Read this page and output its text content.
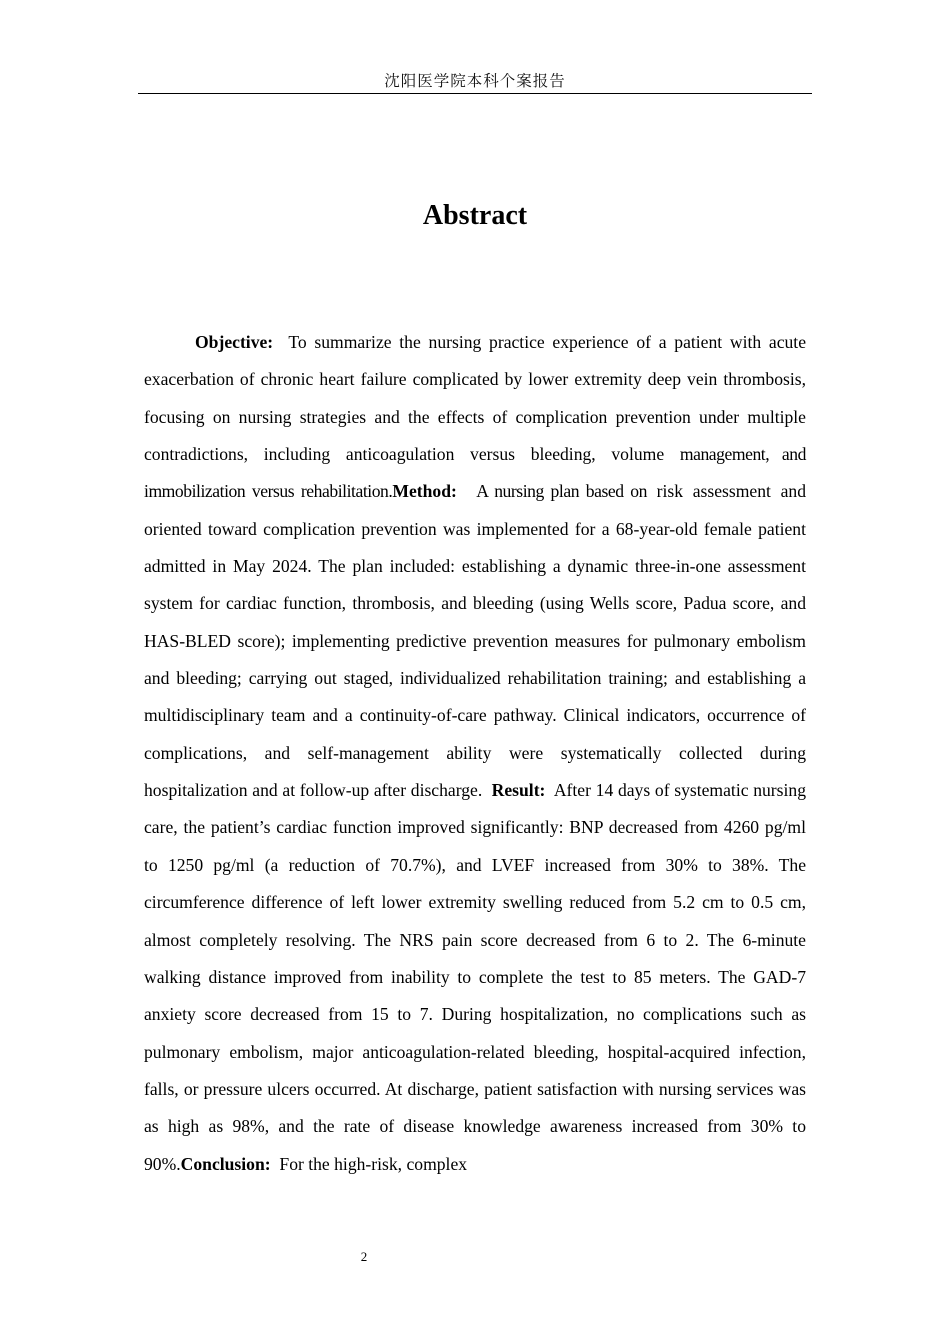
沈阳医学院本科个案报告
Abstract

Objective: To summarize the nursing practice experience of a patient with acute exacerbation of chronic heart failure complicated by lower extremity deep vein thrombosis, focusing on nursing strategies and the effects of complication prevention under multiple contradictions, including anticoagulation versus bleeding, volume management, and immobilization versus rehabilitation.Method: A nursing plan based on risk assessment and oriented toward complication prevention was implemented for a 68-year-old female patient admitted in May 2024. The plan included: establishing a dynamic three-in-one assessment system for cardiac function, thrombosis, and bleeding (using Wells score, Padua score, and HAS-BLED score); implementing predictive prevention measures for pulmonary embolism and bleeding; carrying out staged, individualized rehabilitation training; and establishing a multidisciplinary team and a continuity-of-care pathway. Clinical indicators, occurrence of complications, and self-management ability were systematically collected during hospitalization and at follow-up after discharge. Result: After 14 days of systematic nursing care, the patient’s cardiac function improved significantly: BNP decreased from 4260 pg/ml to 1250 pg/ml (a reduction of 70.7%), and LVEF increased from 30% to 38%. The circumference difference of left lower extremity swelling reduced from 5.2 cm to 0.5 cm, almost completely resolving. The NRS pain score decreased from 6 to 2. The 6-minute walking distance improved from inability to complete the test to 85 meters. The GAD-7 anxiety score decreased from 15 to 7. During hospitalization, no complications such as pulmonary embolism, major anticoagulation-related bleeding, hospital-acquired infection, falls, or pressure ulcers occurred. At discharge, patient satisfaction with nursing services was as high as 98%, and the rate of disease knowledge awareness increased from 30% to 90%.Conclusion: For the high-risk, complex

2
